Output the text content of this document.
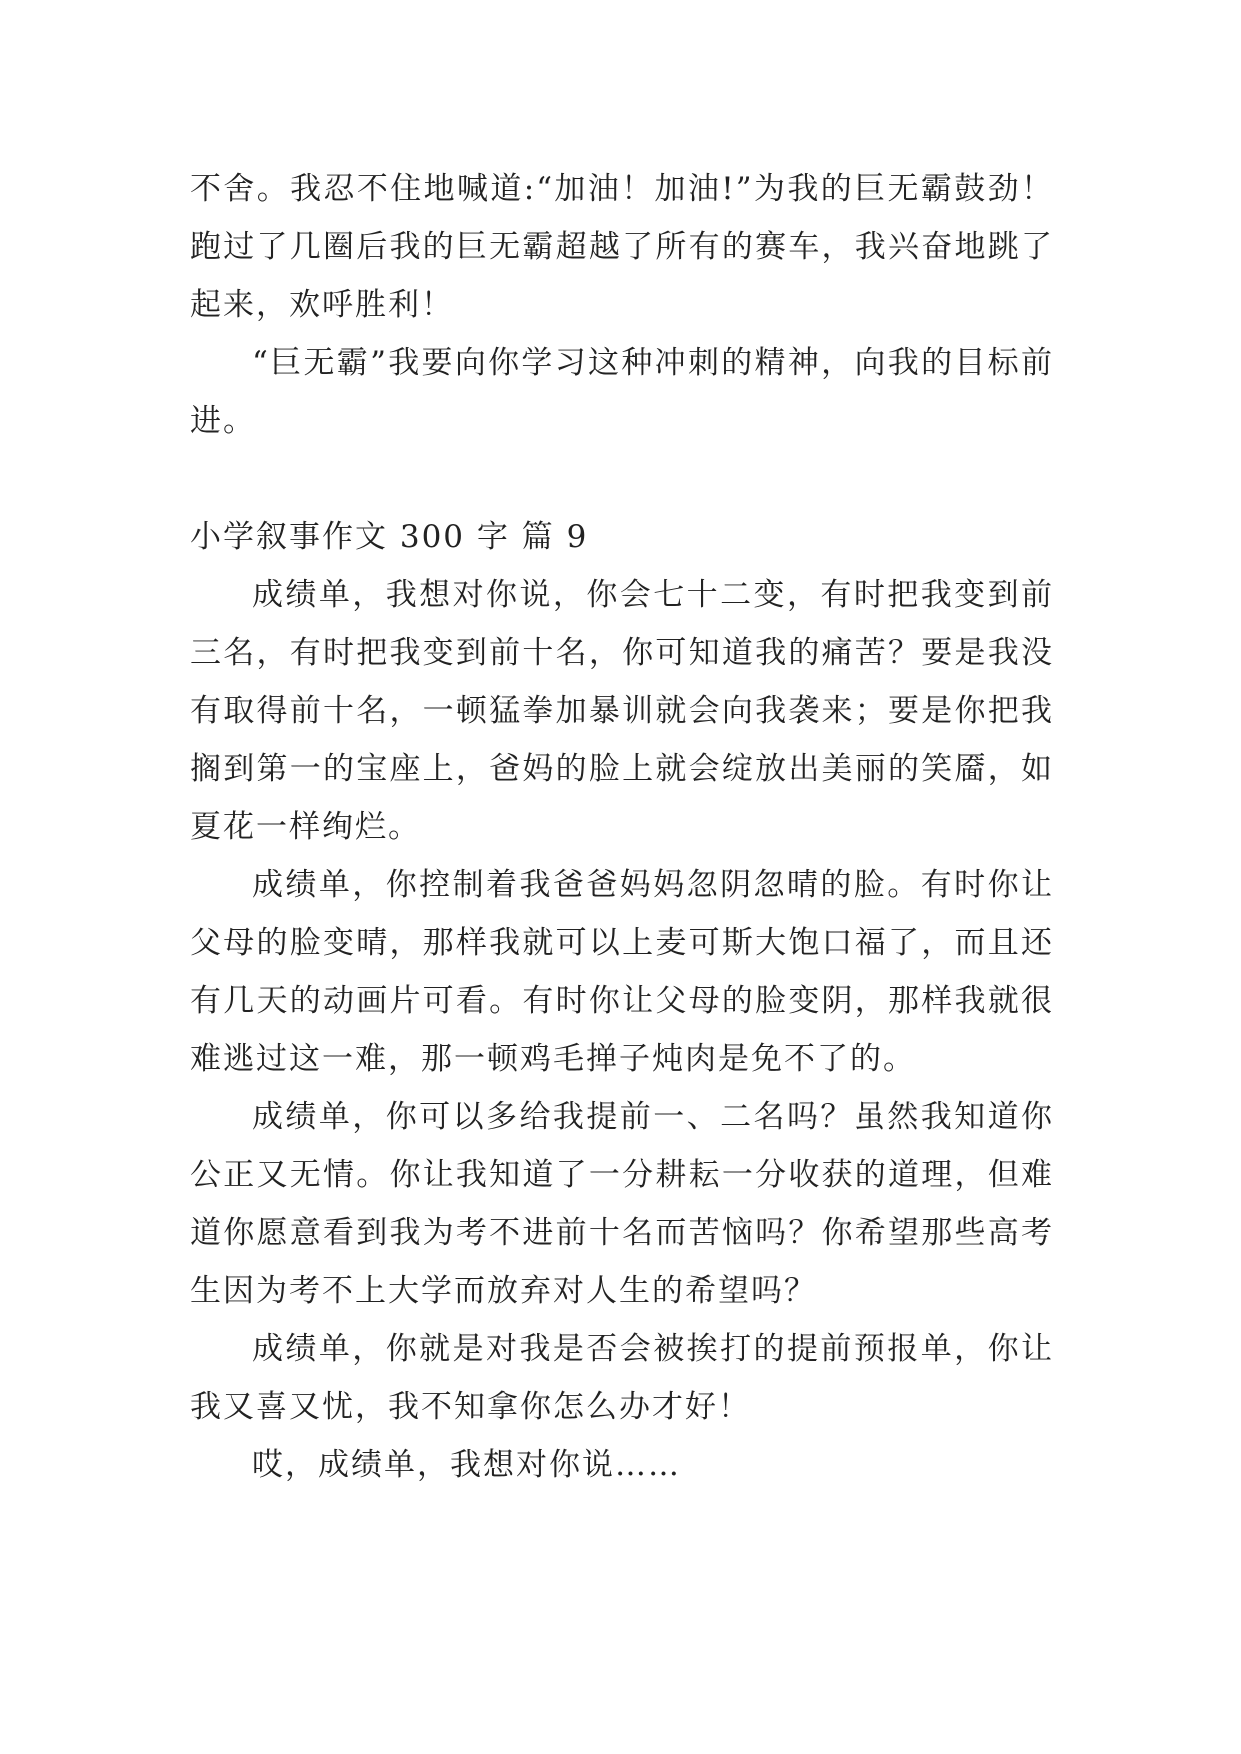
不舍。我忍不住地喊道:“加油！加油!”为我的巨无霸鼓劲！跑过了几圈后我的巨无霸超越了所有的赛车，我兴奋地跳了起来，欢呼胜利！

“巨无霸”我要向你学习这种冲刺的精神，向我的目标前进。

小学叙事作文 300 字 篇 9

成绩单，我想对你说，你会七十二变，有时把我变到前三名，有时把我变到前十名，你可知道我的痛苦？要是我没有取得前十名，一顿猛拳加暴训就会向我袭来；要是你把我搁到第一的宝座上，爸妈的脸上就会绽放出美丽的笑靥，如夏花一样绚烂。

成绩单，你控制着我爸爸妈妈忽阴忽晴的脸。有时你让父母的脸变晴，那样我就可以上麦可斯大饱口福了，而且还有几天的动画片可看。有时你让父母的脸变阴，那样我就很难逃过这一难，那一顿鸡毛掸子炖肉是免不了的。

成绩单，你可以多给我提前一、二名吗？虽然我知道你公正又无情。你让我知道了一分耕耘一分收获的道理，但难道你愿意看到我为考不进前十名而苦恼吗？你希望那些高考生因为考不上大学而放弃对人生的希望吗？

成绩单，你就是对我是否会被挨打的提前预报单，你让我又喜又忧，我不知拿你怎么办才好！

哎，成绩单，我想对你说……
